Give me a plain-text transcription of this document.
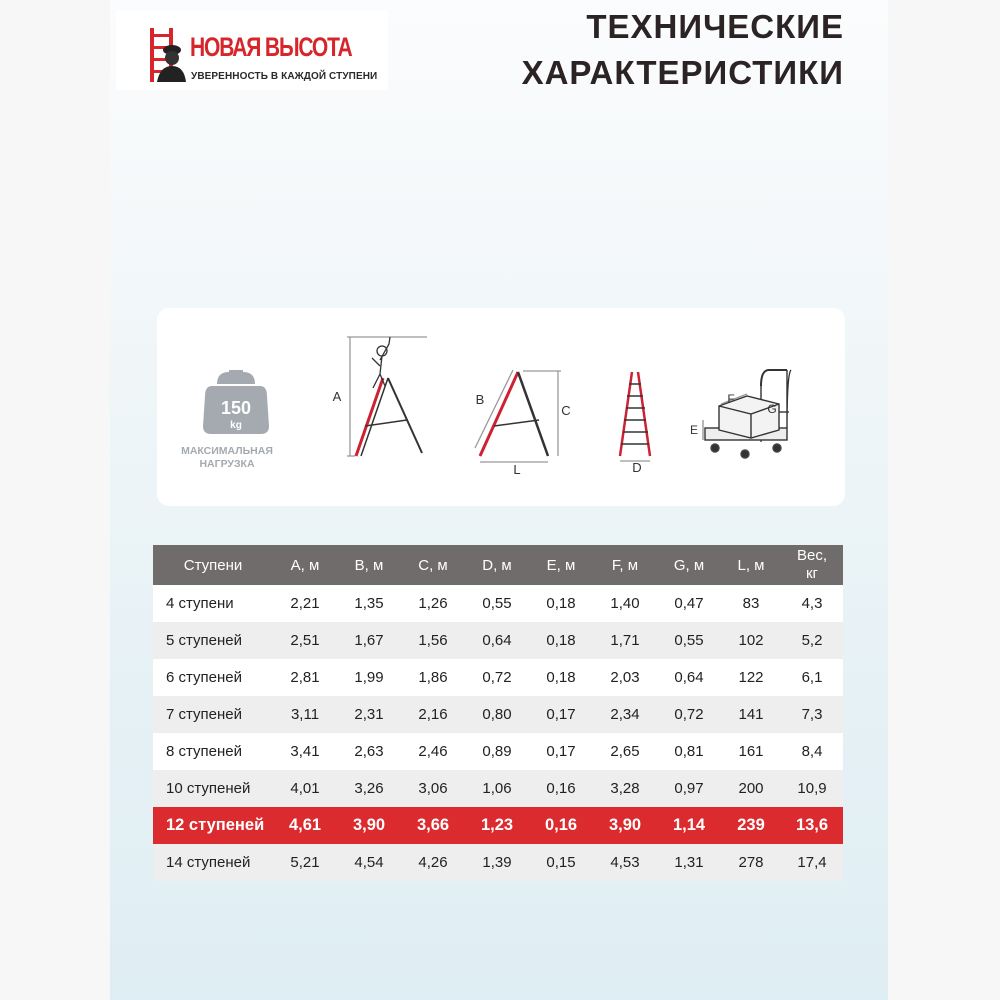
НОВАЯ ВЫСОТА
УВЕРЕННОСТЬ В КАЖДОЙ СТУПЕНИ
ТЕХНИЧЕСКИЕ
ХАРАКТЕРИСТИКИ
150
kg
МАКСИМАЛЬНАЯ
НАГРУЗКА
A	B
C
L	D
F
G
E
Ступени	A, м	B, м	C, м	D, м	E, м	F, м	G, м	L, м	Вес,
кг

4 ступени	2,21	1,35	1,26	0,55	0,18	1,40	0,47	83	4,3
5 ступеней	2,51	1,67	1,56	0,64	0,18	1,71	0,55	102	5,2
6 ступеней	2,81	1,99	1,86	0,72	0,18	2,03	0,64	122	6,1
7 ступеней	3,11	2,31	2,16	0,80	0,17	2,34	0,72	141	7,3
8 ступеней	3,41	2,63	2,46	0,89	0,17	2,65	0,81	161	8,4
10 ступеней	4,01	3,26	3,06	1,06	0,16	3,28	0,97	200	10,9
12 ступеней	4,61	3,90	3,66	1,23	0,16	3,90	1,14	239	13,6
14 ступеней	5,21	4,54	4,26	1,39	0,15	4,53	1,31	278	17,4
